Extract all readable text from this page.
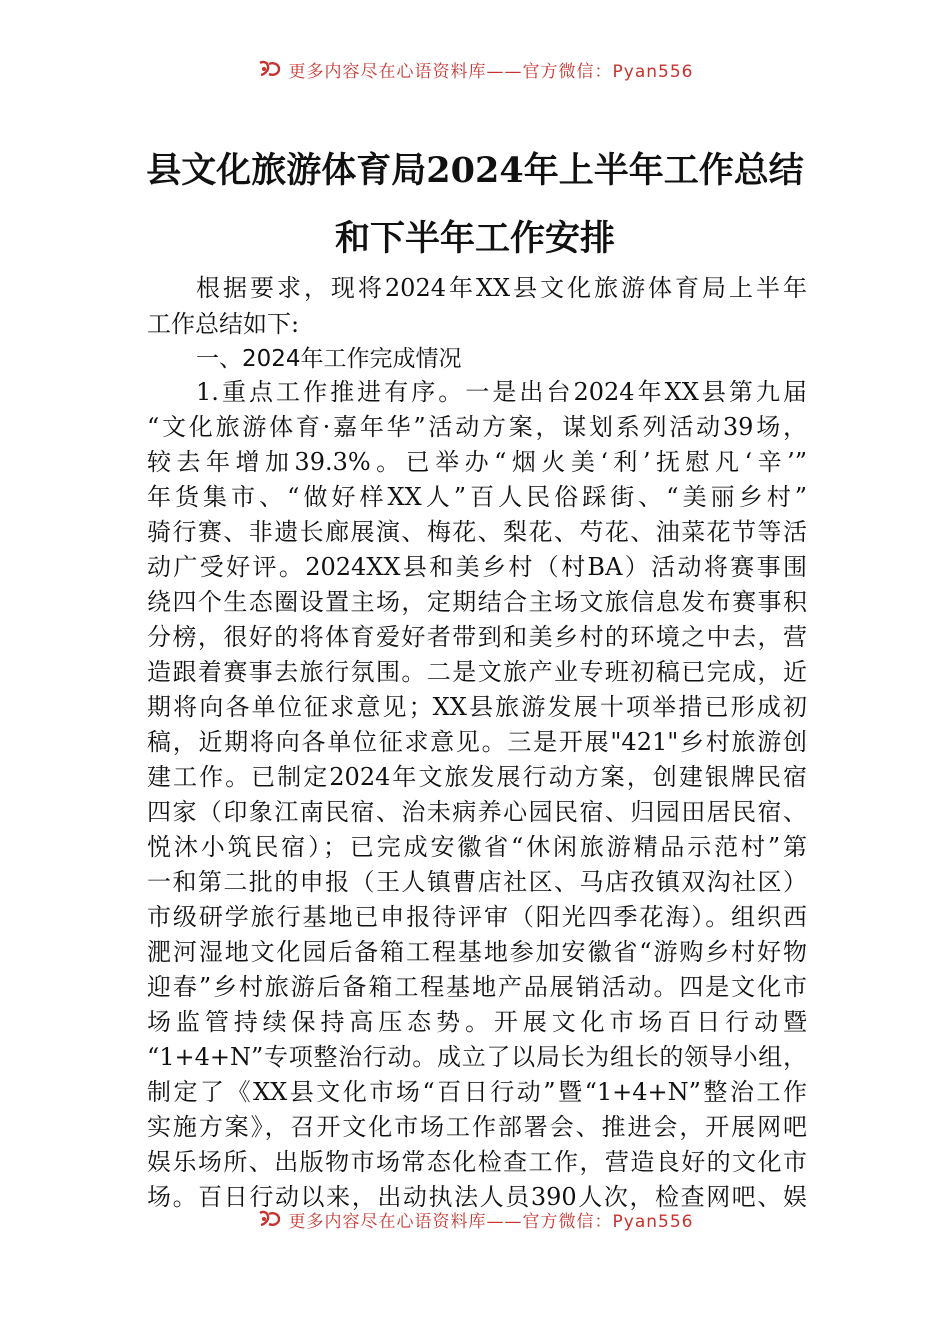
更多内容尽在心语资料库——官方微信：Pyan556
县文化旅游体育局2024年上半年工作总结
和下半年工作安排
根据要求，现将2024年XX县文化旅游体育局上半年
工作总结如下:
一、2024年工作完成情况
1.重点工作推进有序。一是出台2024年XX县第九届
“文化旅游体育·嘉年华”活动方案，谋划系列活动39场，
较去年增加39.3%。已举办“烟火美‘利’抚慰凡‘辛’”
年货集市、“做好样XX人”百人民俗踩街、“美丽乡村”
骑行赛、非遗长廊展演、梅花、梨花、芍花、油菜花节等活
动广受好评。2024XX县和美乡村（村BA）活动将赛事围
绕四个生态圈设置主场，定期结合主场文旅信息发布赛事积
分榜，很好的将体育爱好者带到和美乡村的环境之中去，营
造跟着赛事去旅行氛围。二是文旅产业专班初稿已完成，近
期将向各单位征求意见；XX县旅游发展十项举措已形成初
稿，近期将向各单位征求意见。三是开展"421"乡村旅游创
建工作。已制定2024年文旅发展行动方案，创建银牌民宿
四家（印象江南民宿、治未病养心园民宿、归园田居民宿、
悦沐小筑民宿）；已完成安徽省“休闲旅游精品示范村”第
一和第二批的申报（王人镇曹店社区、马店孜镇双沟社区）
市级研学旅行基地已申报待评审（阳光四季花海）。组织西
淝河湿地文化园后备箱工程基地参加安徽省“游购乡村好物
迎春”乡村旅游后备箱工程基地产品展销活动。四是文化市
场监管持续保持高压态势。开展文化市场百日行动暨
“1+4+N”专项整治行动。成立了以局长为组长的领导小组，
制定了《XX县文化市场“百日行动”暨“1+4+N”整治工作
实施方案》，召开文化市场工作部署会、推进会，开展网吧
娱乐场所、出版物市场常态化检查工作，营造良好的文化市
场。百日行动以来，出动执法人员390人次，检查网吧、娱
更多内容尽在心语资料库——官方微信：Pyan556
